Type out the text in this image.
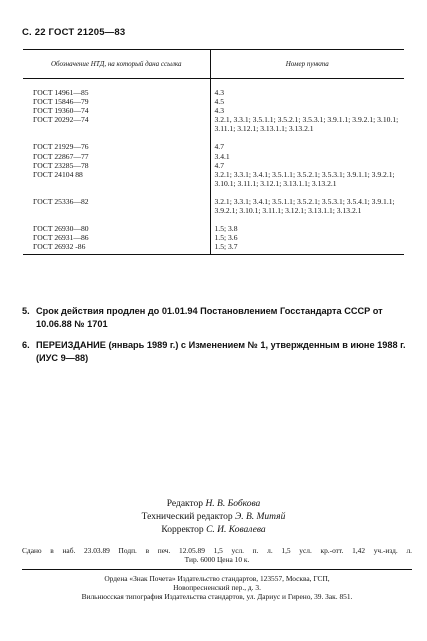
С. 22 ГОСТ 21205—83
Обозначение НТД, на который дана ссылка	Номер пункта
ГОСТ 14961—85	4.3
ГОСТ 15846—79	4.5
ГОСТ 19360—74	4.3
ГОСТ 20292—74	3.2.1, 3.3.1; 3.5.1.1; 3.5.2.1; 3.5.3.1; 3.9.1.1; 3.9.2.1; 3.10.1; 3.11.1; 3.12.1; 3.13.1.1; 3.13.2.1
ГОСТ 21929—76	4.7
ГОСТ 22867—77	3.4.1
ГОСТ 23285—78	4.7
ГОСТ 24104 88	3.2.1; 3.3.1; 3.4.1; 3.5.1.1; 3.5.2.1; 3.5.3.1; 3.9.1.1; 3.9.2.1; 3.10.1; 3.11.1; 3.12.1; 3.13.1.1; 3.13.2.1
ГОСТ 25336—82	3.2.1; 3.3.1; 3.4.1; 3.5.1.1; 3.5.2.1; 3.5.3.1; 3.5.4.1; 3.9.1.1; 3.9.2.1; 3.10.1; 3.11.1; 3.12.1; 3.13.1.1; 3.13.2.1
ГОСТ 26930—80	1.5; 3.8
ГОСТ 26931—86	1.5; 3.6
ГОСТ 26932 -86	1.5; 3.7
5. Срок действия продлен до 01.01.94 Постановлением Госстандарта СССР от 10.06.88 № 1701
6. ПЕРЕИЗДАНИЕ (январь 1989 г.) с Изменением № 1, утвержденным в июне 1988 г. (ИУС 9—88)
Редактор Н. В. Бобкова
Технический редактор Э. В. Митяй
Корректор С. И. Ковалева
Сдано в наб. 23.03.89 Подп. в печ. 12.05.89 1,5 усл. п. л. 1,5 усл. кр.-отт. 1,42 уч.-изд. л.
Тир. 6000 Цена 10 к.
Ордена «Знак Почета» Издательство стандартов, 123557, Москва, ГСП,
Новопресненский пер., д. 3.
Вильнюсская типография Издательства стандартов, ул. Дариус и Гирено, 39. Зак. 851.
